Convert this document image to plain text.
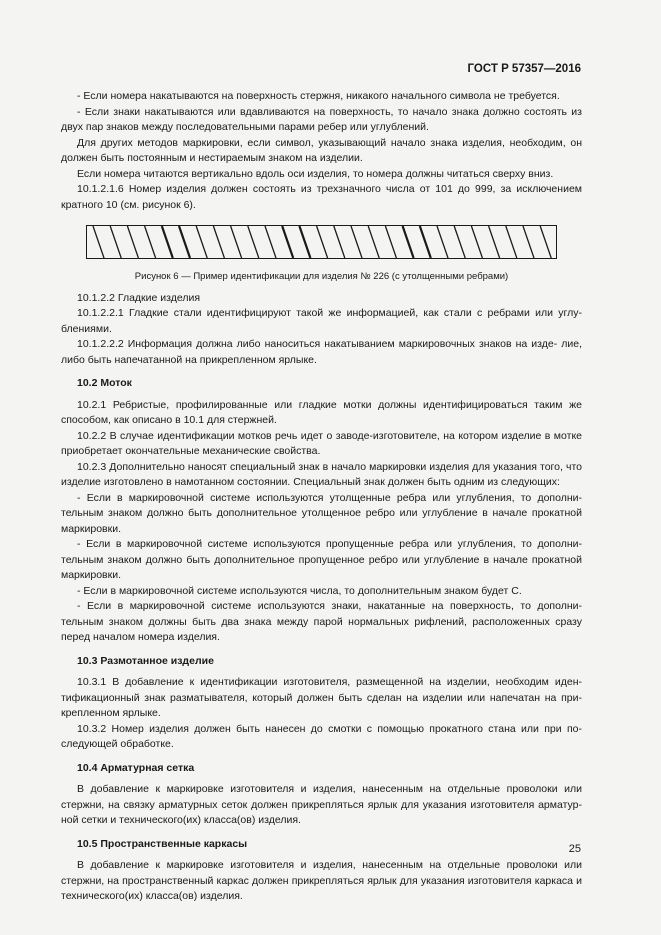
ГОСТ Р 57357—2016

- Если номера накатываются на поверхность стержня, никакого начального символа не требуется.

- Если знаки накатываются или вдавливаются на поверхность, то начало знака должно состоять из двух пар знаков между последовательными парами ребер или углублений.

Для других методов маркировки, если символ, указывающий начало знака изделия, необходим, он должен быть постоянным и нестираемым знаком на изделии.

Если номера читаются вертикально вдоль оси изделия, то номера должны читаться сверху вниз.

10.1.2.1.6 Номер изделия должен состоять из трехзначного числа от 101 до 999, за исключением кратного 10 (см. рисунок 6).

Рисунок 6 — Пример идентификации для изделия № 226 (с утолщенными ребрами)

10.1.2.2 Гладкие изделия

10.1.2.2.1 Гладкие стали идентифицируют такой же информацией, как стали с ребрами или углу- блениями.

10.1.2.2.2 Информация должна либо наноситься накатыванием маркировочных знаков на изде- лие, либо быть напечатанной на прикрепленном ярлыке.

10.2 Моток

10.2.1 Ребристые, профилированные или гладкие мотки должны идентифицироваться таким же способом, как описано в 10.1 для стержней.

10.2.2 В случае идентификации мотков речь идет о заводе-изготовителе, на котором изделие в мотке приобретает окончательные механические свойства.

10.2.3 Дополнительно наносят специальный знак в начало маркировки изделия для указания того, что изделие изготовлено в намотанном состоянии. Специальный знак должен быть одним из следующих:

- Если в маркировочной системе используются утолщенные ребра или углубления, то дополни- тельным знаком должно быть дополнительное утолщенное ребро или углубление в начале прокатной маркировки.

- Если в маркировочной системе используются пропущенные ребра или углубления, то дополни- тельным знаком должно быть дополнительное пропущенное ребро или углубление в начале прокатной маркировки.

- Если в маркировочной системе используются числа, то дополнительным знаком будет С.

- Если в маркировочной системе используются знаки, накатанные на поверхность, то дополни- тельным знаком должны быть два знака между парой нормальных рифлений, расположенных сразу перед началом номера изделия.

10.3 Размотанное изделие

10.3.1 В добавление к идентификации изготовителя, размещенной на изделии, необходим иден- тификационный знак разматывателя, который должен быть сделан на изделии или напечатан на при- крепленном ярлыке.

10.3.2 Номер изделия должен быть нанесен до смотки с помощью прокатного стана или при по- следующей обработке.

10.4 Арматурная сетка

В добавление к маркировке изготовителя и изделия, нанесенным на отдельные проволоки или стержни, на связку арматурных сеток должен прикрепляться ярлык для указания изготовителя арматур- ной сетки и технического(их) класса(ов) изделия.

10.5 Пространственные каркасы

В добавление к маркировке изготовителя и изделия, нанесенным на отдельные проволоки или стержни, на пространственный каркас должен прикрепляться ярлык для указания изготовителя каркаса и технического(их) класса(ов) изделия.

25
